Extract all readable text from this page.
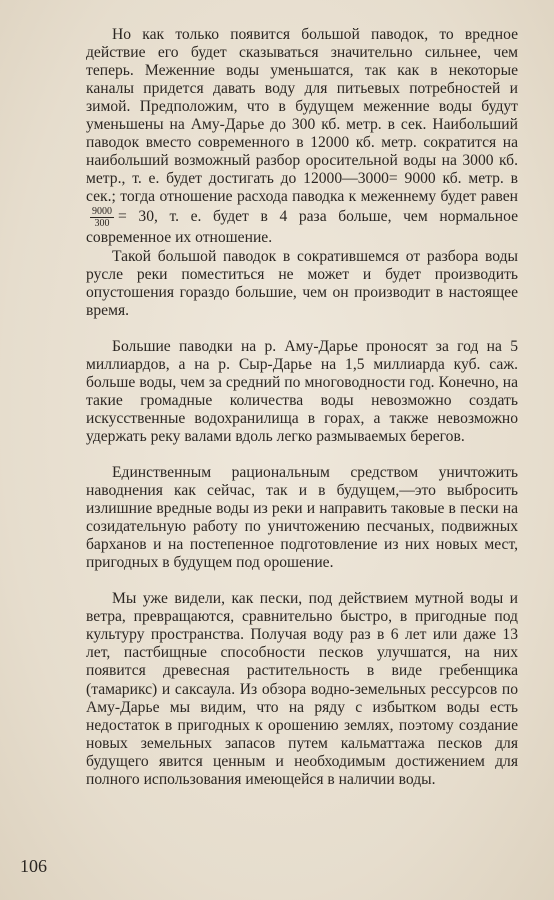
Но как только появится большой паводок, то вредное действие его будет сказываться значительно сильнее, чем теперь. Меженние воды уменьшатся, так как в некоторые каналы придется давать воду для питьевых потребностей и зимой. Предположим, что в будущем меженние воды будут уменьшены на Аму-Дарье до 300 кб. метр. в сек. Наибольший паводок вместо современного в 12000 кб. метр. сократится на наибольший возможный разбор оросительной воды на 3000 кб. метр., т. е. будет достигать до 12000—3000= 9000 кб. метр. в сек.; тогда отношение расхода паводка к меженнему будет равен
$\frac{9000}{300} = 30$, т. е. будет в 4 раза больше, чем нормальное современное их отношение.

Такой большой паводок в сократившемся от разбора воды русле реки поместиться не может и будет производить опустошения гораздо большие, чем он производит в настоящее время.

Большие паводки на р. Аму-Дарье проносят за год на 5 миллиардов, а на р. Сыр-Дарье на 1,5 миллиарда куб. саж. больше воды, чем за средний по многоводности год. Конечно, на такие громадные количества воды невозможно создать искусственные водохранилища в горах, а также невозможно удержать реку валами вдоль легко размываемых берегов.

Единственным рациональным средством уничтожить наводнения как сейчас, так и в будущем,—это выбросить излишние вредные воды из реки и направить таковые в пески на созидательную работу по уничтожению песчаных, подвижных барханов и на постепенное подготовление из них новых мест, пригодных в будущем под орошение.

Мы уже видели, как пески, под действием мутной воды и ветра, превращаются, сравнительно быстро, в пригодные под культуру пространства. Получая воду раз в 6 лет или даже 13 лет, пастбищные способности песков улучшатся, на них появится древесная растительность в виде гребенщика (тамарикс) и саксаула. Из обзора водно-земельных рессурсов по Аму-Дарье мы видим, что на ряду с избытком воды есть недостаток в пригодных к орошению землях, поэтому создание новых земельных запасов путем кальматтажа песков для будущего явится ценным и необходимым достижением для полного использования имеющейся в наличии воды.

106
